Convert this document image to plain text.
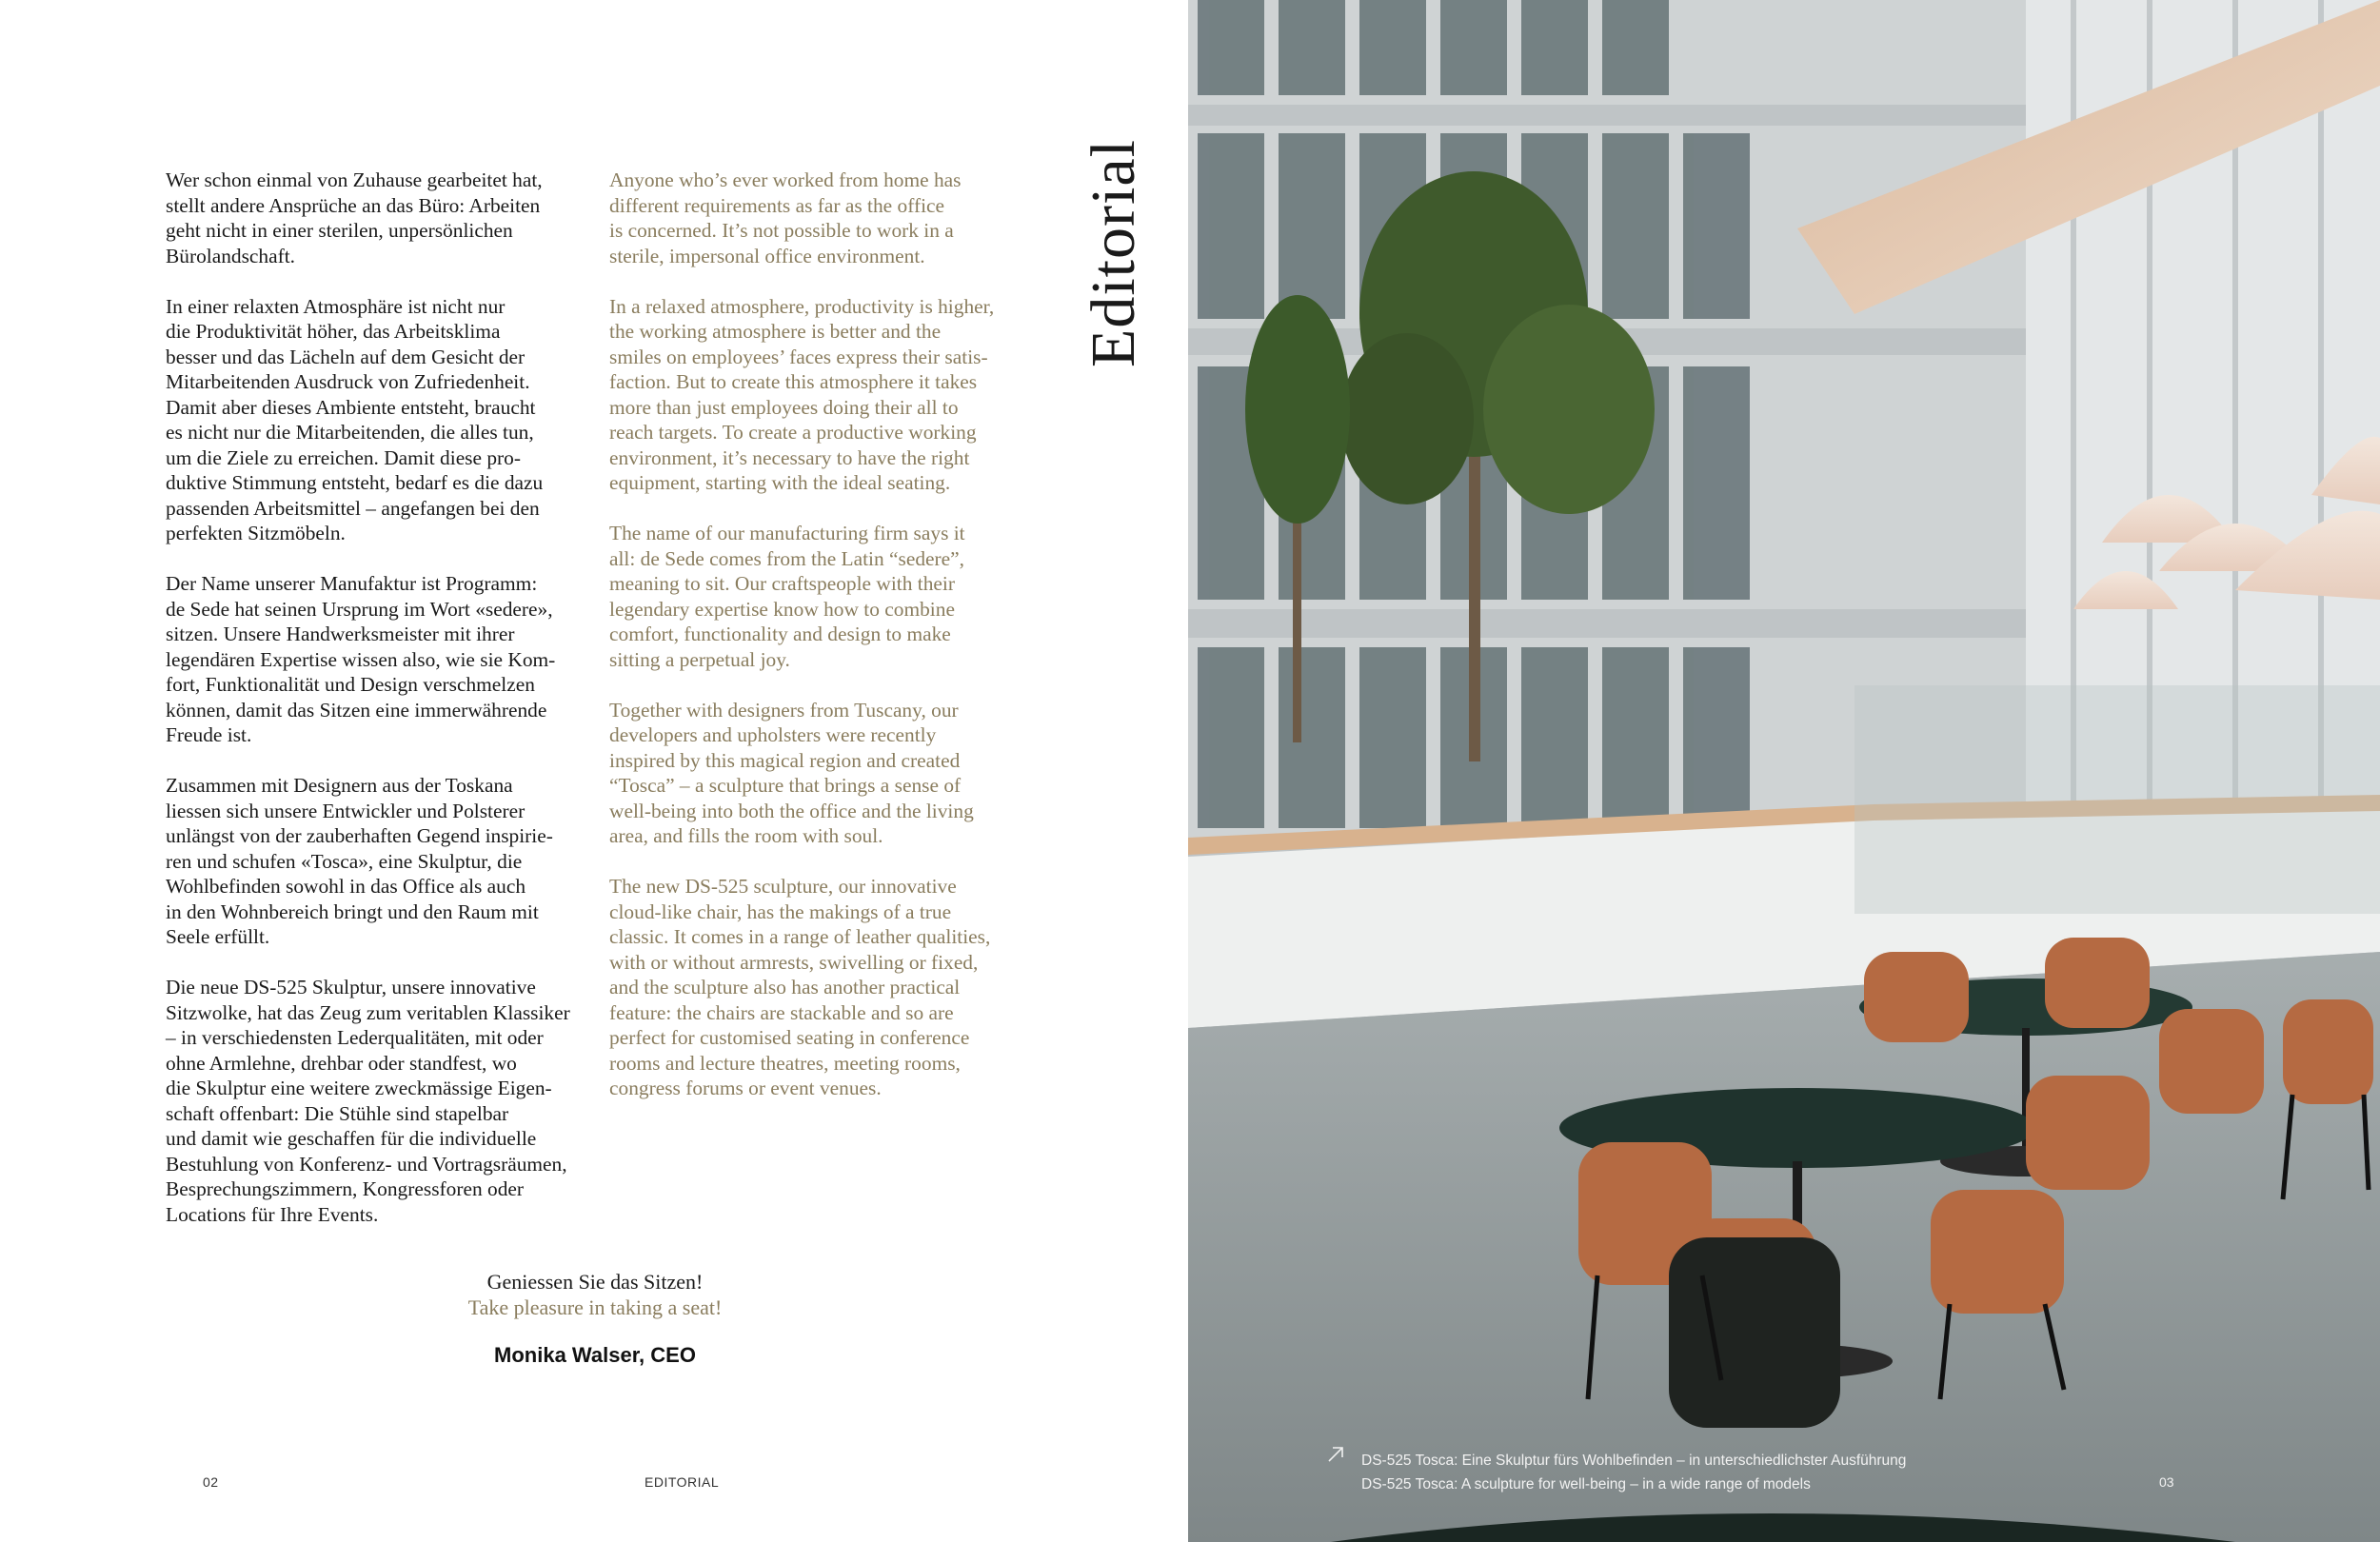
Wer schon einmal von Zuhause gearbeitet hat,
stellt andere Ansprüche an das Büro: Arbeiten
geht nicht in einer sterilen, unpersönlichen
Bürolandschaft.

In einer relaxten Atmosphäre ist nicht nur
die Produktivität höher, das Arbeitsklima
besser und das Lächeln auf dem Gesicht der
Mitarbeitenden Ausdruck von Zufriedenheit.
Damit aber dieses Ambiente entsteht, braucht
es nicht nur die Mitarbeitenden, die alles tun,
um die Ziele zu erreichen. Damit diese pro-
duktive Stimmung entsteht, bedarf es die dazu
passenden Arbeitsmittel – angefangen bei den
perfekten Sitzmöbeln.

Der Name unserer Manufaktur ist Programm:
de Sede hat seinen Ursprung im Wort «sedere»,
sitzen. Unsere Handwerksmeister mit ihrer
legendären Expertise wissen also, wie sie Kom-
fort, Funktionalität und Design verschmelzen
können, damit das Sitzen eine immerwährende
Freude ist.

Zusammen mit Designern aus der Toskana
liessen sich unsere Entwickler und Polsterer
unlängst von der zauberhaften Gegend inspirie-
ren und schufen «Tosca», eine Skulptur, die
Wohlbefinden sowohl in das Office als auch
in den Wohnbereich bringt und den Raum mit
Seele erfüllt.

Die neue DS-525 Skulptur, unsere innovative
Sitzwolke, hat das Zeug zum veritablen Klassiker
– in verschiedensten Lederqualitäten, mit oder
ohne Armlehne, drehbar oder standfest, wo
die Skulptur eine weitere zweckmässige Eigen-
schaft offenbart: Die Stühle sind stapelbar
und damit wie geschaffen für die individuelle
Bestuhlung von Konferenz- und Vortragsräumen,
Besprechungszimmern, Kongressforen oder
Locations für Ihre Events.

Anyone who’s ever worked from home has
different requirements as far as the office
is concerned. It’s not possible to work in a
sterile, impersonal office environment.

In a relaxed atmosphere, productivity is higher,
the working atmosphere is better and the
smiles on employees’ faces express their satis-
faction. But to create this atmosphere it takes
more than just employees doing their all to
reach targets. To create a productive working
environment, it’s necessary to have the right
equipment, starting with the ideal seating.

The name of our manufacturing firm says it
all: de Sede comes from the Latin “sedere”,
meaning to sit. Our craftspeople with their
legendary expertise know how to combine
comfort, functionality and design to make
sitting a perpetual joy.

Together with designers from Tuscany, our
developers and upholsters were recently
inspired by this magical region and created
“Tosca” – a sculpture that brings a sense of
well-being into both the office and the living
area, and fills the room with soul.

The new DS-525 sculpture, our innovative
cloud-like chair, has the makings of a true
classic. It comes in a range of leather qualities,
with or without armrests, swivelling or fixed,
and the sculpture also has another practical
feature: the chairs are stackable and so are
perfect for customised seating in conference
rooms and lecture theatres, meeting rooms,
congress forums or event venues.

Editorial
Geniessen Sie das Sitzen!
Take pleasure in taking a seat!
Monika Walser, CEO
02	EDITORIAL
DS-525 Tosca: Eine Skulptur fürs Wohlbefinden – in unterschiedlichster Ausführung
DS-525 Tosca: A sculpture for well-being – in a wide range of models	03
